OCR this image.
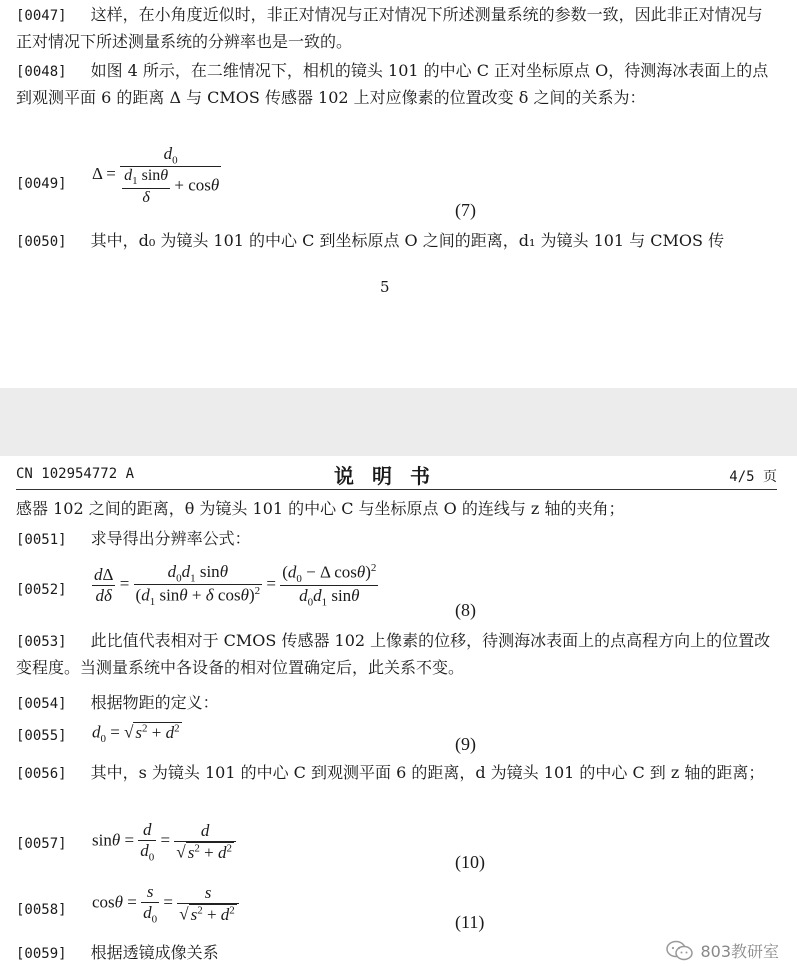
[0047] 这样，在小角度近似时，非正对情况与正对情况下所述测量系统的参数一致，因此非正对情况与正对情况下所述测量系统的分辨率也是一致的。
[0048] 如图 4 所示，在二维情况下，相机的镜头 101 的中心 C 正对坐标原点 O，待测海冰表面上的点到观测平面 6 的距离 Δ 与 CMOS 传感器 102 上对应像素的位置改变 δ 之间的关系为：
[0049]
$\Delta = \frac{d_0}{\frac{d_1 \sin\theta}{\delta} + \cos\theta}$
(7)
[0050] 其中，d₀ 为镜头 101 的中心 C 到坐标原点 O 之间的距离，d₁ 为镜头 101 与 CMOS 传
5
CN 102954772 A	说明书	4/5 页
感器 102 之间的距离，θ 为镜头 101 的中心 C 与坐标原点 O 的连线与 z 轴的夹角；
[0051] 求导得出分辨率公式：
$[0052] \frac{d\Delta}{d\delta} = \frac{d_0d_1 \sin\theta}{(d_1 \sin\theta + \delta \cos\theta)^2} = \frac{(d_0 - \Delta \cos\theta)^2}{d_0d_1 \sin\theta}$
(8)
[0053] 此比值代表相对于 CMOS 传感器 102 上像素的位移，待测海冰表面上的点高程方向上的位置改变程度。当测量系统中各设备的相对位置确定后，此关系不变。
[0054] 根据物距的定义：
[0055] $d_0$ = √ $s^2 + d^2$
(9)
[0056] 其中，s 为镜头 101 的中心 C 到观测平面 6 的距离，d 为镜头 101 的中心 C 到 z 轴的距离；
[0057] $\sin\theta = \frac{d}{d_0} = \frac{d}{√ s^2 + d^2}$	(10)
[0058] $\cos\theta = \frac{s}{d_0} = \frac{s}{√ s^2 + d^2}$	(11)
[0059] 根据透镜成像关系	803教研室
